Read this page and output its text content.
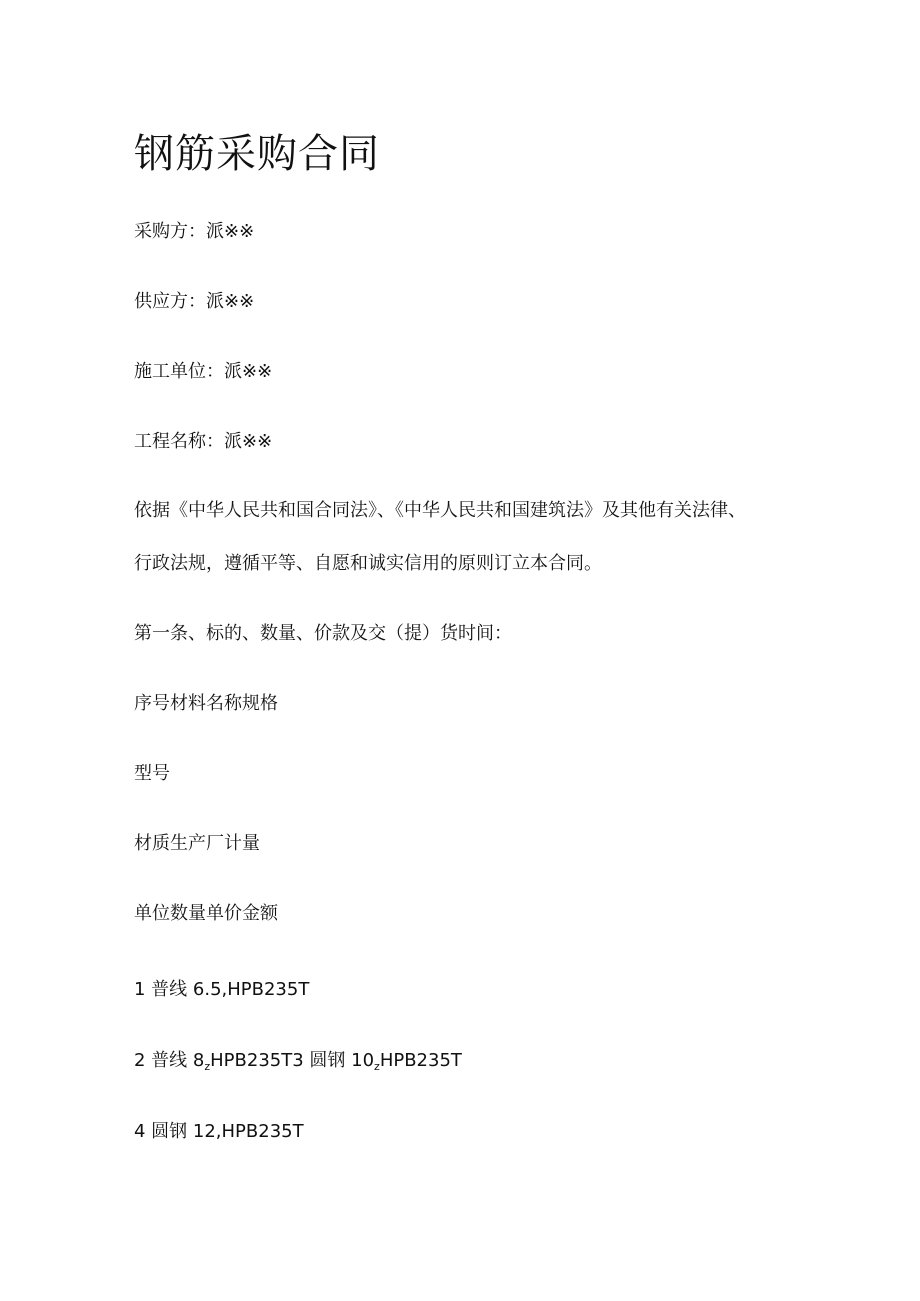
钢筋采购合同
采购方：派※※
供应方：派※※
施工单位：派※※
工程名称：派※※
依据《中华人民共和国合同法》、《中华人民共和国建筑法》及其他有关法律、
行政法规，遵循平等、自愿和诚实信用的原则订立本合同。
第一条、标的、数量、价款及交（提）货时间：
序号材料名称规格
型号
材质生产厂计量
单位数量单价金额
1 普线 6.5,HPB235T
2 普线 $8_zHPB235T3$ 圆钢 $10_zHPB235T$
4 圆钢 12,HPB235T
